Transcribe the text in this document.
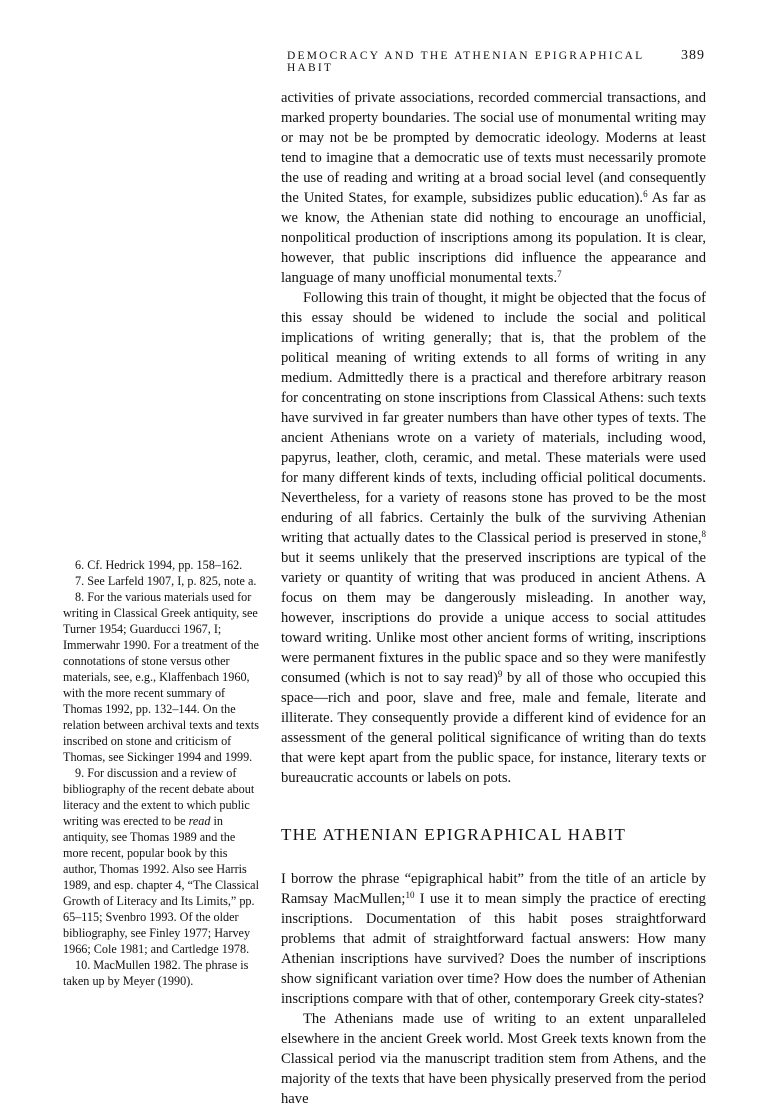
DEMOCRACY AND THE ATHENIAN EPIGRAPHICAL HABIT
389

activities of private associations, recorded commercial transactions, and marked property boundaries. The social use of monumental writing may or may not be be prompted by democratic ideology. Moderns at least tend to imagine that a democratic use of texts must necessarily promote the use of reading and writing at a broad social level (and consequently the United States, for example, subsidizes public education).$^6$ As far as we know, the Athenian state did nothing to encourage an unofficial, nonpolitical production of inscriptions among its population. It is clear, however, that public inscriptions did influence the appearance and language of many unofficial monumental texts.$^7$

Following this train of thought, it might be objected that the focus of this essay should be widened to include the social and political implications of writing generally; that is, that the problem of the political meaning of writing extends to all forms of writing in any medium. Admittedly there is a practical and therefore arbitrary reason for concentrating on stone inscriptions from Classical Athens: such texts have survived in far greater numbers than have other types of texts. The ancient Athenians wrote on a variety of materials, including wood, papyrus, leather, cloth, ceramic, and metal. These materials were used for many different kinds of texts, including official political documents. Nevertheless, for a variety of reasons stone has proved to be the most enduring of all fabrics. Certainly the bulk of the surviving Athenian writing that actually dates to the Classical period is preserved in stone,$^8$ but it seems unlikely that the preserved inscriptions are typical of the variety or quantity of writing that was produced in ancient Athens. A focus on them may be dangerously misleading. In another way, however, inscriptions do provide a unique access to social attitudes toward writing. Unlike most other ancient forms of writing, inscriptions were permanent fixtures in the public space and so they were manifestly consumed (which is not to say read)$^9$ by all of those who occupied this space—rich and poor, slave and free, male and female, literate and illiterate. They consequently provide a different kind of evidence for an assessment of the general political significance of writing than do texts that were kept apart from the public space, for instance, literary texts or bureaucratic accounts or labels on pots.

THE ATHENIAN EPIGRAPHICAL HABIT

I borrow the phrase “epigraphical habit” from the title of an article by Ramsay MacMullen;$^{10}$ I use it to mean simply the practice of erecting inscriptions. Documentation of this habit poses straightforward problems that admit of straightforward factual answers: How many Athenian inscriptions have survived? Does the number of inscriptions show significant variation over time? How does the number of Athenian inscriptions compare with that of other, contemporary Greek city-states?

The Athenians made use of writing to an extent unparalleled elsewhere in the ancient Greek world. Most Greek texts known from the Classical period via the manuscript tradition stem from Athens, and the majority of the texts that have been physically preserved from the period have

6. Cf. Hedrick 1994, pp. 158–162.

7. See Larfeld 1907, I, p. 825, note a.

8. For the various materials used for writing in Classical Greek antiquity, see Turner 1954; Guarducci 1967, I; Immerwahr 1990. For a treatment of the connotations of stone versus other materials, see, e.g., Klaffenbach 1960, with the more recent summary of Thomas 1992, pp. 132–144. On the relation between archival texts and texts inscribed on stone and criticism of Thomas, see Sickinger 1994 and 1999.

9. For discussion and a review of bibliography of the recent debate about literacy and the extent to which public writing was erected to be read in antiquity, see Thomas 1989 and the more recent, popular book by this author, Thomas 1992. Also see Harris 1989, and esp. chapter 4, “The Classical Growth of Literacy and Its Limits,” pp. 65–115; Svenbro 1993. Of the older bibliography, see Finley 1977; Harvey 1966; Cole 1981; and Cartledge 1978.

10. MacMullen 1982. The phrase is taken up by Meyer (1990).
